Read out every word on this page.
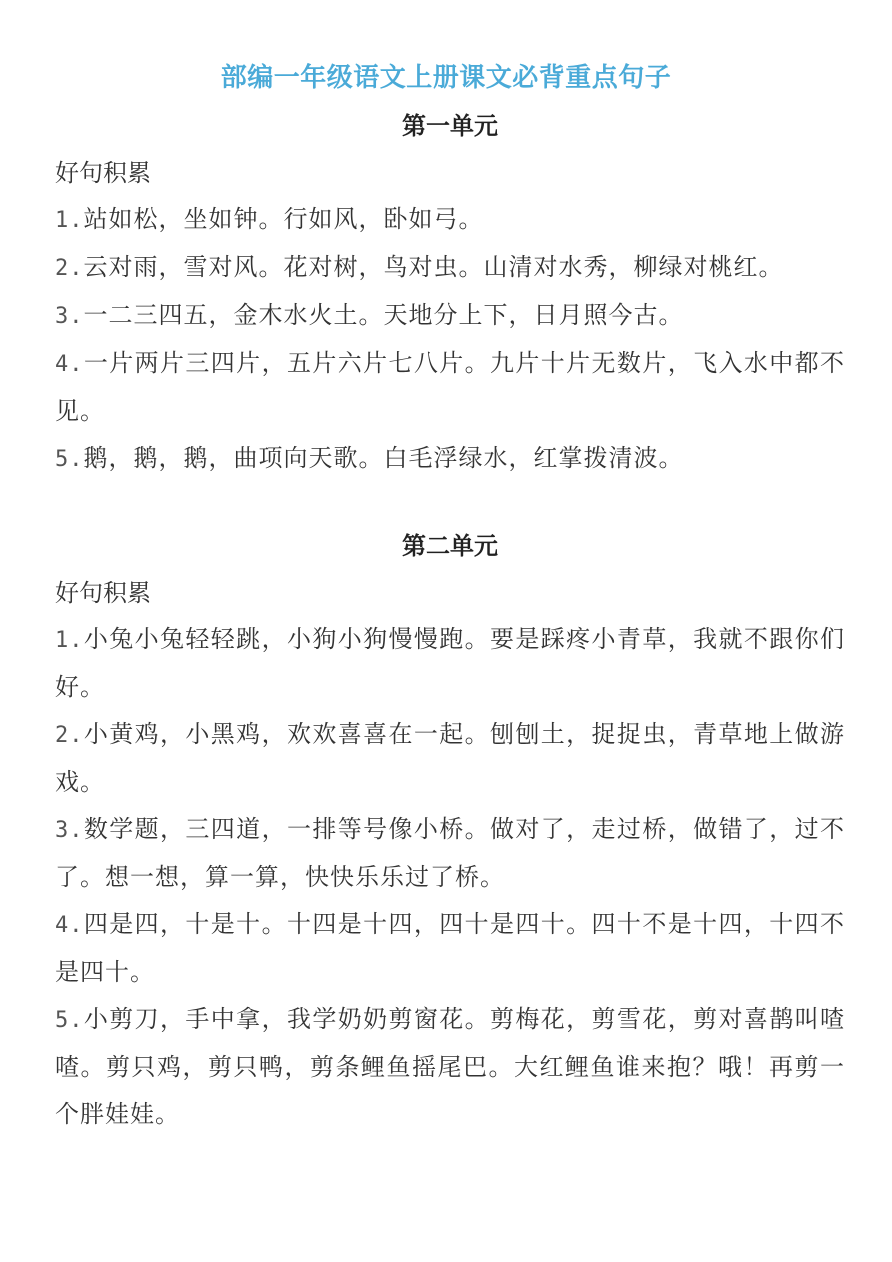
部编一年级语文上册课文必背重点句子
第一单元
好句积累
1.站如松，坐如钟。行如风，卧如弓。
2.云对雨，雪对风。花对树，鸟对虫。山清对水秀，柳绿对桃红。
3.一二三四五，金木水火土。天地分上下，日月照今古。
4.一片两片三四片，五片六片七八片。九片十片无数片，飞入水中都不见。
5.鹅，鹅，鹅，曲项向天歌。白毛浮绿水，红掌拨清波。
第二单元
好句积累
1.小兔小兔轻轻跳，小狗小狗慢慢跑。要是踩疼小青草，我就不跟你们好。
2.小黄鸡，小黑鸡，欢欢喜喜在一起。刨刨土，捉捉虫，青草地上做游戏。
3.数学题，三四道，一排等号像小桥。做对了，走过桥，做错了，过不了。想一想，算一算，快快乐乐过了桥。
4.四是四，十是十。十四是十四，四十是四十。四十不是十四，十四不是四十。
5.小剪刀，手中拿，我学奶奶剪窗花。剪梅花，剪雪花，剪对喜鹊叫喳喳。剪只鸡，剪只鸭，剪条鲤鱼摇尾巴。大红鲤鱼谁来抱？哦！再剪一个胖娃娃。
